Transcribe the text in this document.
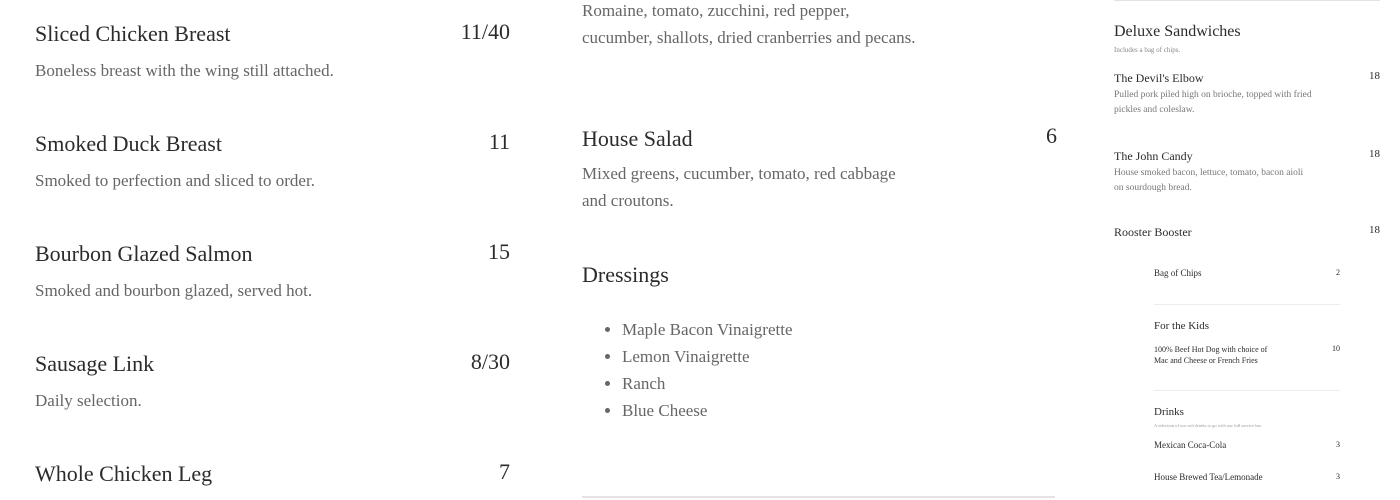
Sliced Chicken Breast	11/40
Boneless breast with the wing still attached.
Smoked Duck Breast	11
Smoked to perfection and sliced to order.
Bourbon Glazed Salmon	15
Smoked and bourbon glazed, served hot.
Sausage Link	8/30
Daily selection.
Whole Chicken Leg	7
Romaine, tomato, zucchini, red pepper, cucumber, shallots, dried cranberries and pecans.
House Salad	6
Mixed greens, cucumber, tomato, red cabbage and croutons.
Dressings
• Maple Bacon Vinaigrette
• Lemon Vinaigrette
• Ranch
• Blue Cheese
Deluxe Sandwiches
Includes a bag of chips.
The Devil's Elbow	18
Pulled pork piled high on brioche, topped with fried pickles and coleslaw.
The John Candy	18
House smoked bacon, lettuce, tomato, bacon aioli on sourdough bread.
Rooster Booster	18
Bag of Chips	2
For the Kids
100% Beef Hot Dog with choice of Mac and Cheese or French Fries
10
Drinks
A selection of our soft drinks to go with our full service bar.
Mexican Coca-Cola	3
House Brewed Tea/Lemonade	3
